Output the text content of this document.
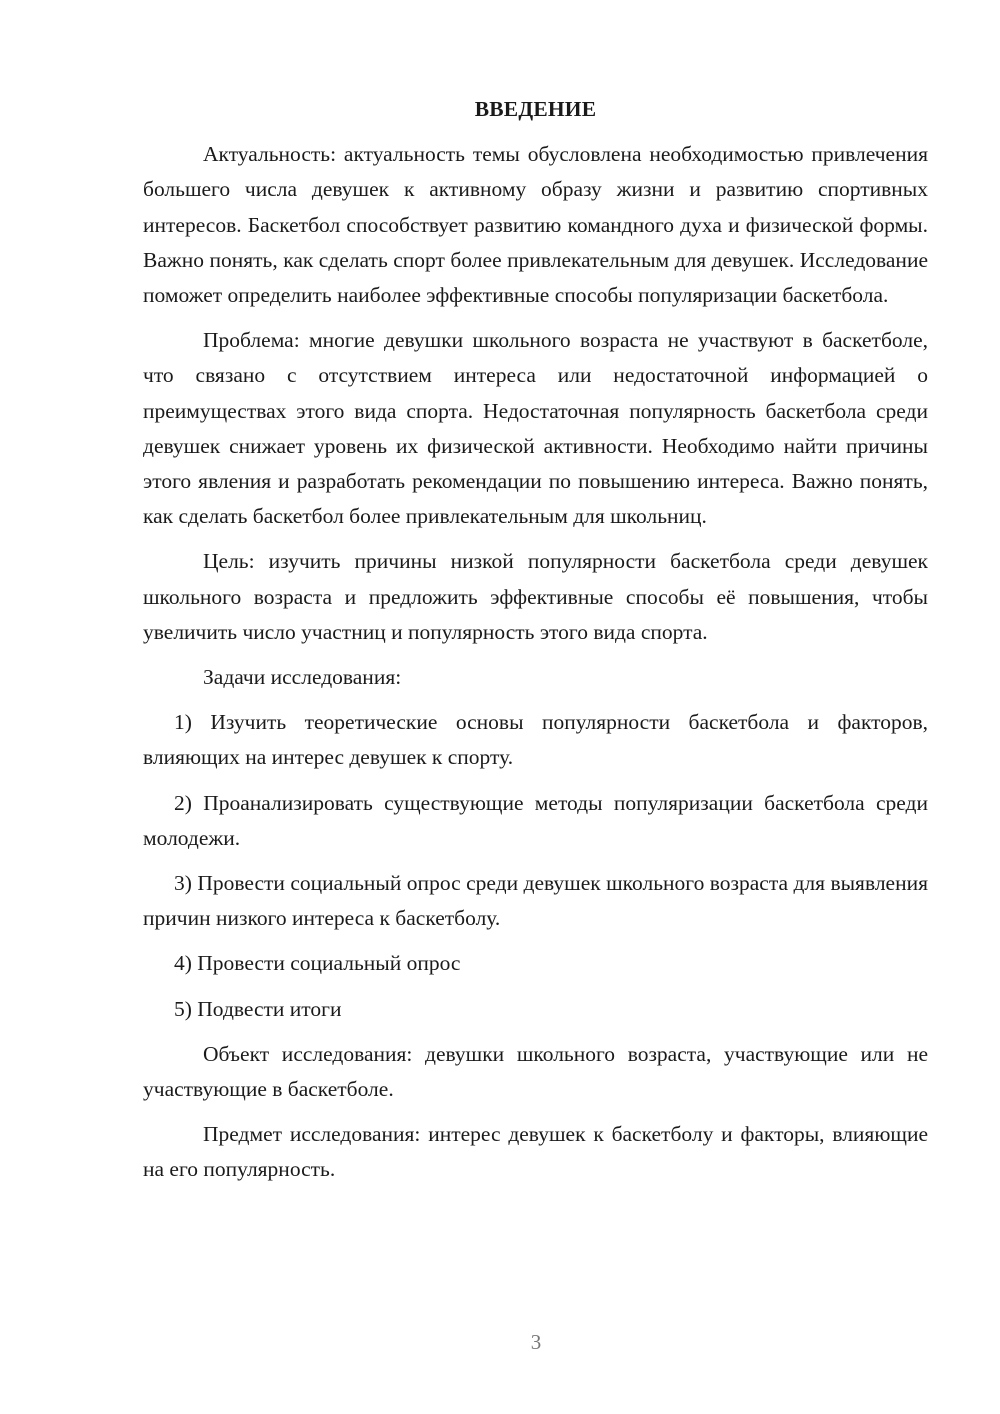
ВВЕДЕНИЕ

Актуальность: актуальность темы обусловлена необходимостью привлечения большего числа девушек к активному образу жизни и развитию спортивных интересов. Баскетбол способствует развитию командного духа и физической формы. Важно понять, как сделать спорт более привлекательным для девушек. Исследование поможет определить наиболее эффективные способы популяризации баскетбола.

Проблема: многие девушки школьного возраста не участвуют в баскетболе, что связано с отсутствием интереса или недостаточной информацией о преимуществах этого вида спорта. Недостаточная популярность баскетбола среди девушек снижает уровень их физической активности. Необходимо найти причины этого явления и разработать рекомендации по повышению интереса. Важно понять, как сделать баскетбол более привлекательным для школьниц.

Цель: изучить причины низкой популярности баскетбола среди девушек школьного возраста и предложить эффективные способы её повышения, чтобы увеличить число участниц и популярность этого вида спорта.

Задачи исследования:

1) Изучить теоретические основы популярности баскетбола и факторов, влияющих на интерес девушек к спорту.

2) Проанализировать существующие методы популяризации баскетбола среди молодежи.

3) Провести социальный опрос среди девушек школьного возраста для выявления причин низкого интереса к баскетболу.

4) Провести социальный опрос

5) Подвести итоги

Объект исследования: девушки школьного возраста, участвующие или не участвующие в баскетболе.

Предмет исследования: интерес девушек к баскетболу и факторы, влияющие на его популярность.

3
